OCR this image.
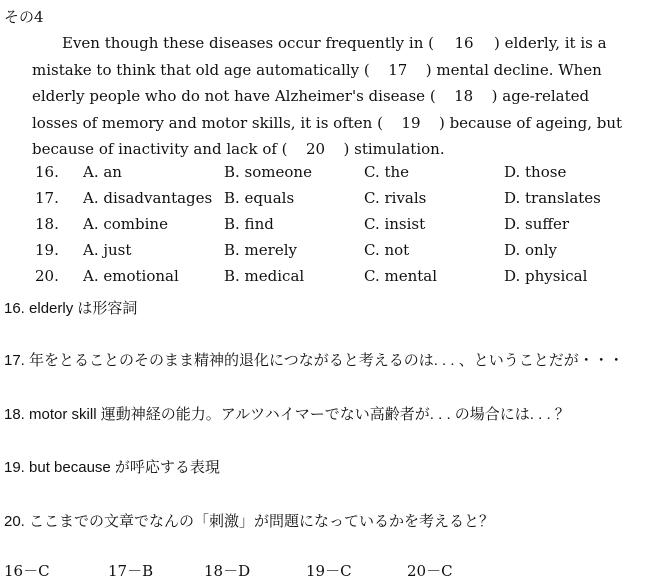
その4
Even though these diseases occur frequently in ( 16 ) elderly, it is a
mistake to think that old age automatically ( 17 ) mental decline. When
elderly people who do not have Alzheimer's disease ( 18 ) age-related
losses of memory and motor skills, it is often ( 19 ) because of ageing, but
because of inactivity and lack of ( 20 ) stimulation.
16. A. an	B. someone	C. the	D. those
17. A. disadvantages B. equals	C. rivals	D. translates
18. A. combine	B. find	C. insist	D. suffer
19. A. just	B. merely	C. not	D. only
20. A. emotional	B. medical	C. mental	D. physical
16. elderly は形容詞
17. 年をとることのそのまま精神的退化につながると考えるのは. . . 、ということだが・・・
18. motor skill 運動神経の能力。アルツハイマーでない高齢者が. . . の場合には. . . ？
19. but because が呼応する表現
20. ここまでの文章でなんの「刺激」が問題になっているかを考えると？
16－C	17－B	18－D	19－C	20－C
